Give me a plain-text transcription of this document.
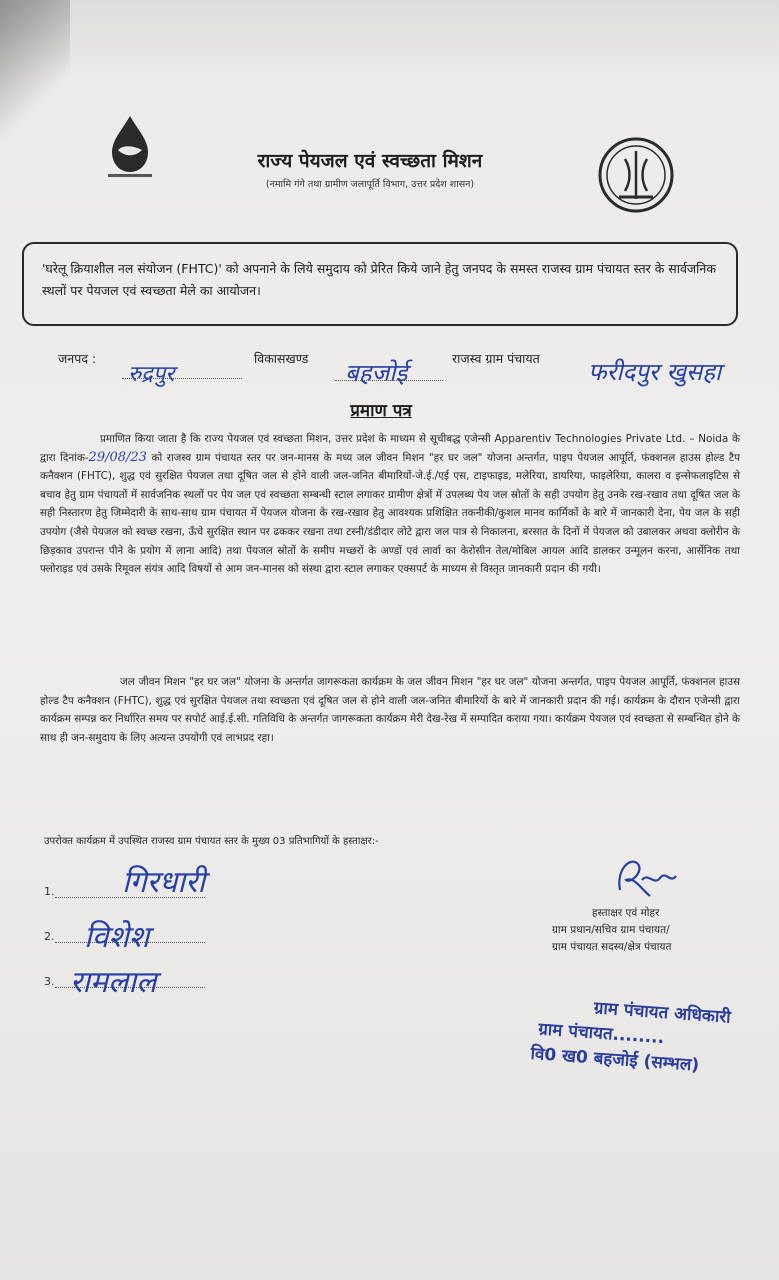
राज्य पेयजल एवं स्वच्छता मिशन
(नमामि गंगे तथा ग्रामीण जलापूर्ति विभाग, उत्तर प्रदेश शासन)
'घरेलू क्रियाशील नल संयोजन (FHTC)' को अपनाने के लिये समुदाय को प्रेरित किये जाने हेतु जनपद के समस्त राजस्व ग्राम पंचायत स्तर के सार्वजनिक स्थलों पर पेयजल एवं स्वच्छता मेले का आयोजन।
जनपद :
रुद्रपुर
विकासखण्ड
बहजोई
राजस्व ग्राम पंचायत फरीदपुर खुसहा
प्रमाण पत्र
प्रमाणित किया जाता है कि राज्य पेयजल एवं स्वच्छता मिशन, उत्तर प्रदेश के माध्यम से सूचीबद्ध एजेन्सी Apparentiv Technologies Private Ltd. – Noida के द्वारा दिनांक-29/08/23 को राजस्व ग्राम पंचायत स्तर पर जन-मानस के मध्य जल जीवन मिशन "हर घर जल" योजना अन्तर्गत, पाइप पेयजल आपूर्ति, फंक्शनल हाउस होल्ड टैप कनैक्शन (FHTC), शुद्ध एवं सुरक्षित पेयजल तथा दूषित जल से होने वाली जल-जनित बीमारियों-जे.ई./एई एस, टाइफाइड, मलेरिया, डायरिया, फाइलेरिया, कालरा व इन्सेफलाइटिस से बचाव हेतु ग्राम पंचायतों में सार्वजनिक स्थलों पर पेय जल एवं स्वच्छता सम्बन्धी स्टाल लगाकर ग्रामीण क्षेत्रों में उपलब्ध पेय जल स्रोतों के सही उपयोग हेतु उनके रख-रखाव तथा दूषित जल के सही निस्तारण हेतु जिम्मेदारी के साथ-साथ ग्राम पंचायत में पेयजल योजना के रख-रखाव हेतु आवश्यक प्रशिक्षित तकनीकी/कुशल मानव कार्मिकों के बारे में जानकारी देना, पेय जल के सही उपयोग (जैसे पेयजल को स्वच्छ रखना, ऊँचे सुरक्षित स्थान पर ढककर रखना तथा टस्नी/डंडीदार लोटे द्वारा जल पात्र से निकालना, बरसात के दिनों में पेयजल को उबालकर अथवा क्लोरीन के छिड़काव उपरान्त पीने के प्रयोग में लाना आदि) तथा पेयजल स्रोतों के समीप मच्छरों के अण्डों एवं लार्वा का केरोसीन तेल/मोबिल आयल आदि डालकर उन्मूलन करना, आर्सेनिक तथा फ्लोराइड एवं उसके रिमूवल संयंत्र आदि विषयों से आम जन-मानस को संस्था द्वारा स्टाल लगाकर एक्सपर्ट के माध्यम से विस्तृत जानकारी प्रदान की गयी।
जल जीवन मिशन "हर घर जल" योजना के अन्तर्गत जागरूकता कार्यक्रम के जल जीवन मिशन "हर घर जल" योजना अन्तर्गत, पाइप पेयजल आपूर्ति, फंक्शनल हाउस होल्ड टैप कनैक्शन (FHTC), शुद्ध एवं सुरक्षित पेयजल तथा स्वच्छता एवं दूषित जल से होने वाली जल-जनित बीमारियों के बारे में जानकारी प्रदान की गई। कार्यक्रम के दौरान एजेन्सी द्वारा कार्यक्रम सम्पन्न कर निर्धारित समय पर सपोर्ट आई.ई.सी. गतिविधि के अन्तर्गत जागरूकता कार्यक्रम मेरी देख-रेख में सम्पादित कराया गया। कार्यक्रम पेयजल एवं स्वच्छता से सम्बन्धित होने के साथ ही जन-समुदाय के लिए अत्यन्त उपयोगी एवं लाभप्रद रहा।
उपरोक्त कार्यक्रम में उपस्थित राजस्व ग्राम पंचायत स्तर के मुख्य 03 प्रतिभागियों के हस्ताक्षर:-
1. गिरधारी
2. विशेश
3. रामलाल
हस्ताक्षर एवं मोहर
ग्राम प्रधान/सचिव ग्राम पंचायत/
ग्राम पंचायत सदस्य/क्षेत्र पंचायत
ग्राम पंचायत अधिकारी
ग्राम पंचायत........
वि0 ख0 बहजोई (सम्भल)
